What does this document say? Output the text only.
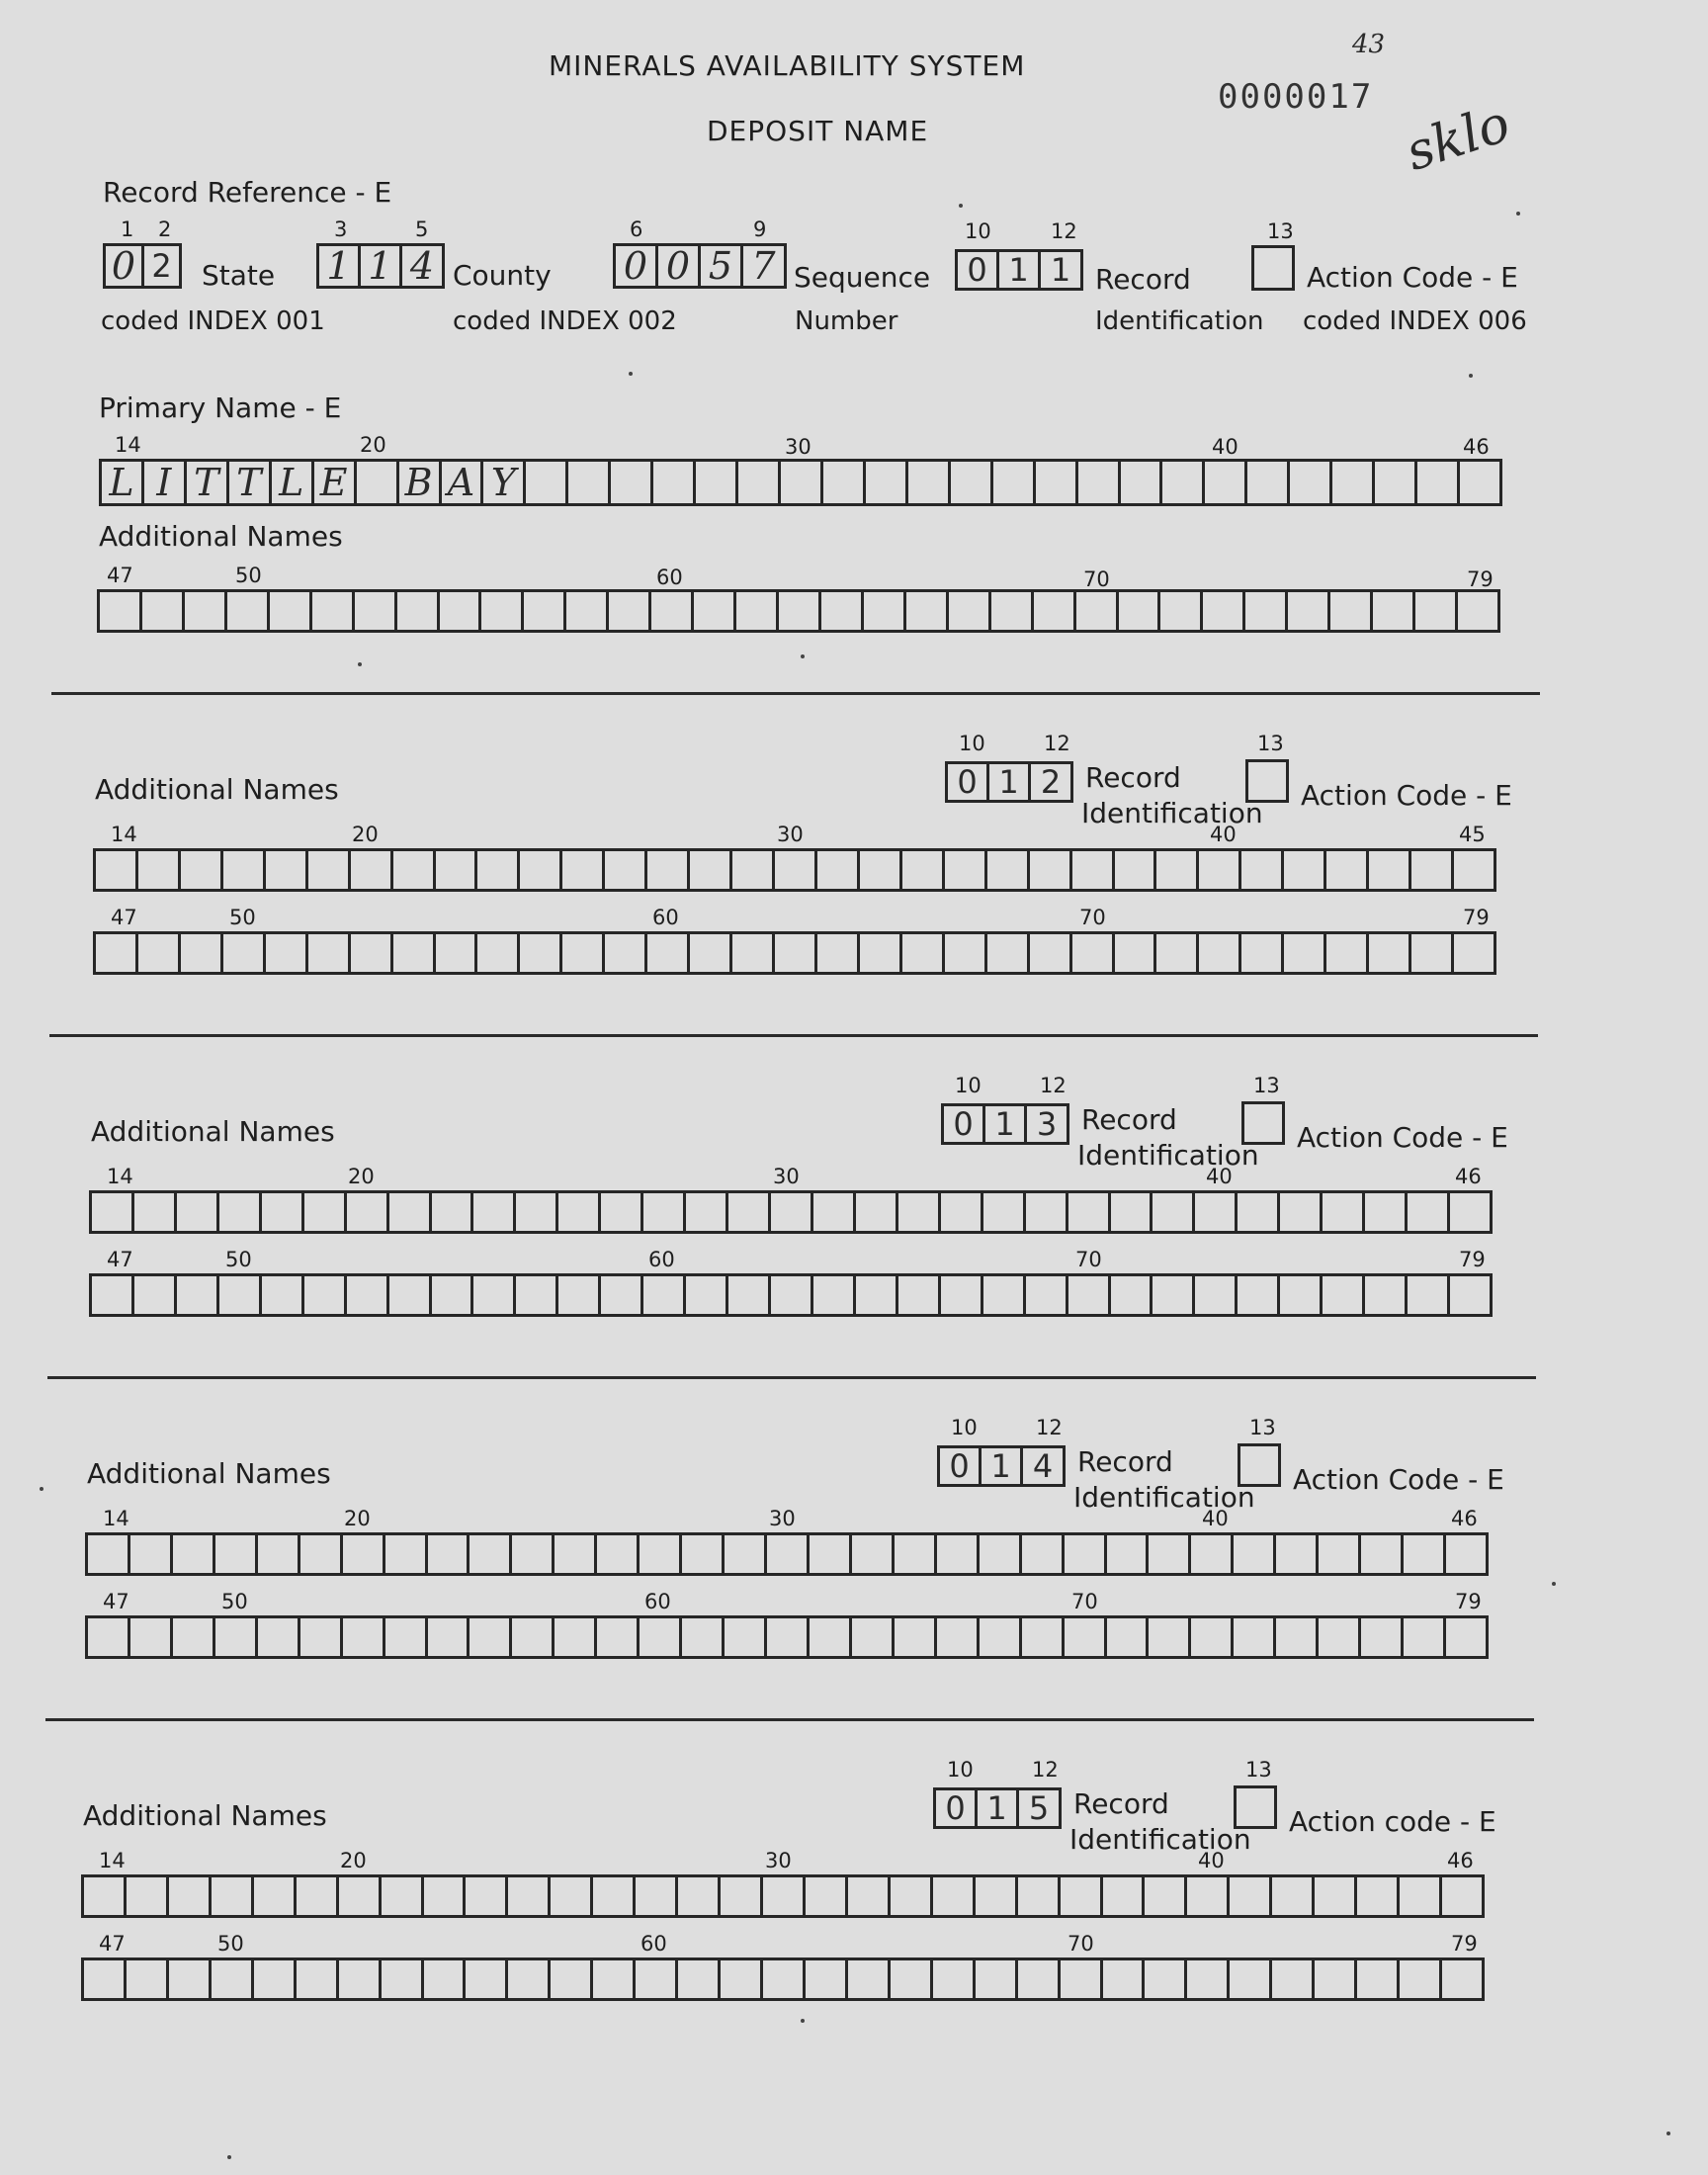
MINERALS AVAILABILITY SYSTEM
DEPOSIT NAME
0000017
43
sklo
Record Reference - E
1 2
0 2	State
coded INDEX 001
3	5
1 1 4 County
coded INDEX 002
6	9
0 0 5 7 Sequence
Number
10	12
0 1 1 Record
Identification
13
Action Code - E
coded INDEX 006
Primary Name - E
14	20	30	40	46
L I T T L E B A Y
Additional Names
47	50	60	70	79
Additional Names
10	12
0 1 2 Record
Identification
13
Action Code - E
14	20	30	40	45
47	50	60	70	79
Additional Names
10	12
0 1 3 Record
Identification
13
Action Code - E
14	20	30	40	46
47	50	60	70	79
Additional Names
10	12
0 1 4 Record
Identification
13
Action Code - E
14	20	30	40	46
47	50	60	70	79
Additional Names
10	12
0 1 5 Record
Identification
13
Action code - E
14	20	30	40	46
47	50	60	70	79
